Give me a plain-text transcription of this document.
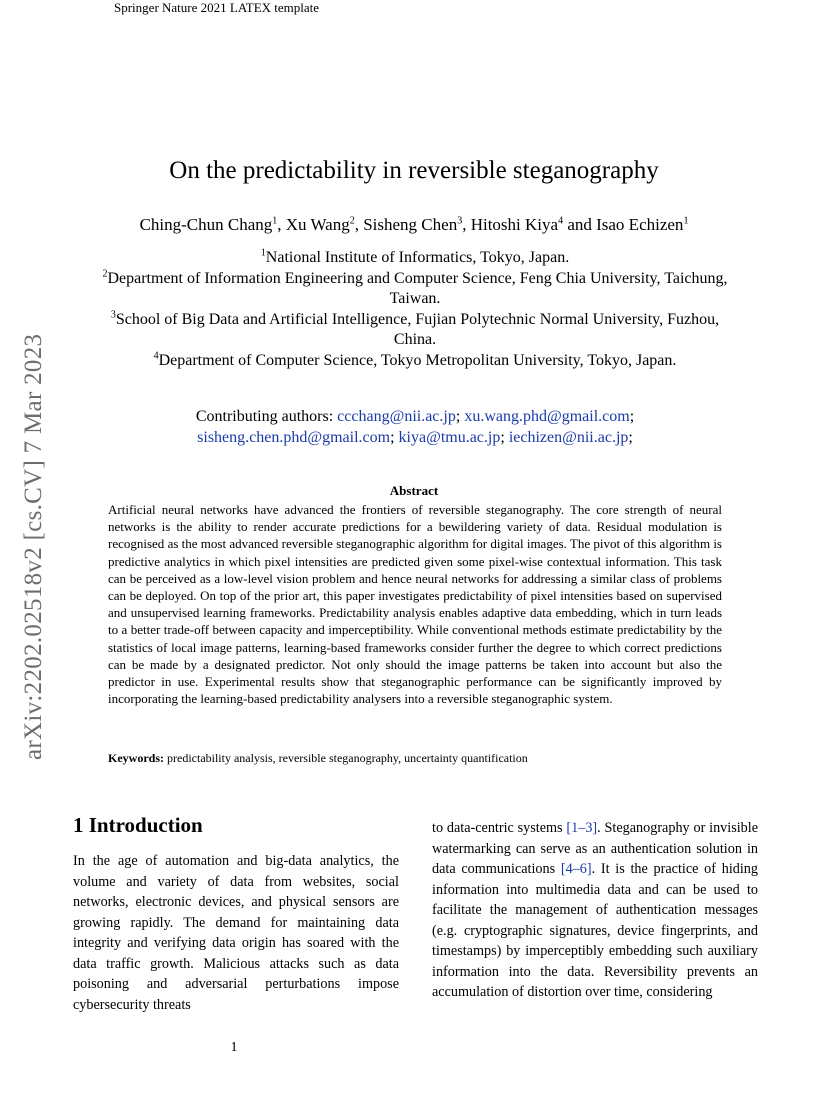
Springer Nature 2021 LATEX template
arXiv:2202.02518v2 [cs.CV] 7 Mar 2023
On the predictability in reversible steganography
Ching-Chun Chang$^1$, Xu Wang$^2$, Sisheng Chen$^3$, Hitoshi Kiya$^4$ and Isao Echizen$^1$

$^1$National Institute of Informatics, Tokyo, Japan.

$^2$Department of Information Engineering and Computer Science, Feng Chia University, Taichung, Taiwan.

$^3$School of Big Data and Artificial Intelligence, Fujian Polytechnic Normal University, Fuzhou, China.

$^4$Department of Computer Science, Tokyo Metropolitan University, Tokyo, Japan.

Contributing authors: ccchang@nii.ac.jp; xu.wang.phd@gmail.com;
sisheng.chen.phd@gmail.com; kiya@tmu.ac.jp; iechizen@nii.ac.jp;
Abstract
Artificial neural networks have advanced the frontiers of reversible steganography. The core strength of neural networks is the ability to render accurate predictions for a bewildering variety of data. Residual modulation is recognised as the most advanced reversible steganographic algorithm for digital images. The pivot of this algorithm is predictive analytics in which pixel intensities are predicted given some pixel-wise contextual information. This task can be perceived as a low-level vision problem and hence neural networks for addressing a similar class of problems can be deployed. On top of the prior art, this paper investigates predictability of pixel intensities based on supervised and unsupervised learning frameworks. Predictability analysis enables adaptive data embedding, which in turn leads to a better trade-off between capacity and imperceptibility. While conventional methods estimate predictability by the statistics of local image patterns, learning-based frameworks consider further the degree to which correct predictions can be made by a designated predictor. Not only should the image patterns be taken into account but also the predictor in use. Experimental results show that steganographic performance can be significantly improved by incorporating the learning-based predictability analysers into a reversible steganographic system.
Keywords: predictability analysis, reversible steganography, uncertainty quantification
1 Introduction
In the age of automation and big-data analytics, the volume and variety of data from websites, social networks, electronic devices, and physical sensors are growing rapidly. The demand for maintaining data integrity and verifying data origin has soared with the data traffic growth. Malicious attacks such as data poisoning and adversarial perturbations impose cybersecurity threats
to data-centric systems [1–3]. Steganography or invisible watermarking can serve as an authentication solution in data communications [4–6]. It is the practice of hiding information into multimedia data and can be used to facilitate the management of authentication messages (e.g. cryptographic signatures, device fingerprints, and timestamps) by imperceptibly embedding such auxiliary information into the data. Reversibility prevents an accumulation of distortion over time, considering
1
